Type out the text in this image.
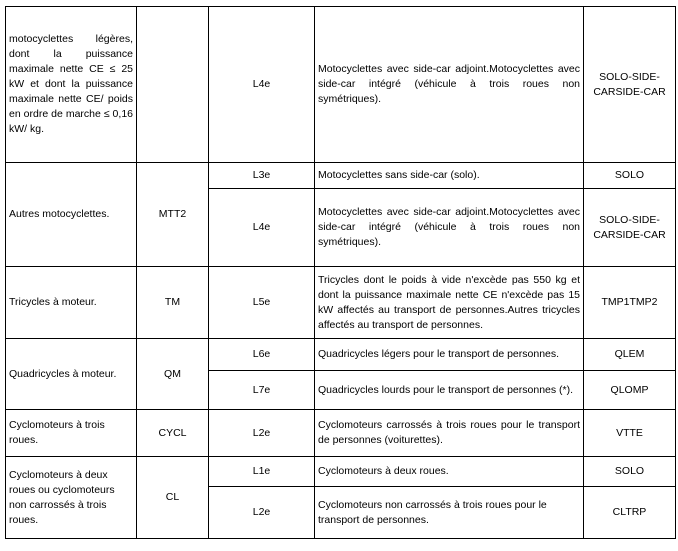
motocyclettes légères, dont la puissance maximale nette CE ≤ 25 kW et dont la puissance maximale nette CE/ poids en ordre de marche ≤ 0,16 kW/ kg.		L4e	Motocyclettes avec side-car adjoint.Motocyclettes avec side-car intégré (véhicule à trois roues non symétriques).	SOLO-SIDE-CARSIDE-CAR
Autres motocyclettes.	MTT2	L3e	Motocyclettes sans side-car (solo).	SOLO
		L4e	Motocyclettes avec side-car adjoint.Motocyclettes avec side-car intégré (véhicule à trois roues non symétriques).	SOLO-SIDE-CARSIDE-CAR
Tricycles à moteur.	TM	L5e	Tricycles dont le poids à vide n'excède pas 550 kg et dont la puissance maximale nette CE n'excède pas 15 kW affectés au transport de personnes.Autres tricycles affectés au transport de personnes.	TMP1TMP2
Quadricycles à moteur.	QM	L6e	Quadricycles légers pour le transport de personnes.	QLEM
		L7e	Quadricycles lourds pour le transport de personnes (*).	QLOMP
Cyclomoteurs à trois roues.	CYCL	L2e	Cyclomoteurs carrossés à trois roues pour le transport de personnes (voiturettes).	VTTE
Cyclomoteurs à deux roues ou cyclomoteurs non carrossés à trois roues.	CL	L1e	Cyclomoteurs à deux roues.	SOLO
		L2e	Cyclomoteurs non carrossés à trois roues pour le transport de personnes.	CLTRP
